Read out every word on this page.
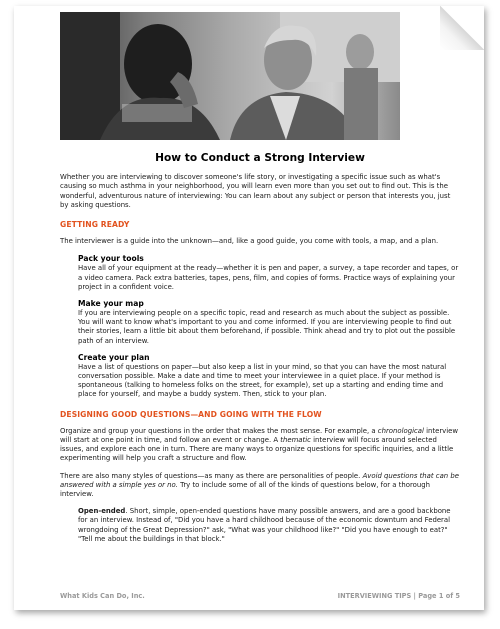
How to Conduct a Strong Interview

Whether you are interviewing to discover someone's life story, or investigating a specific issue such as what's causing so much asthma in your neighborhood, you will learn even more than you set out to find out. This is the wonderful, adventurous nature of interviewing: You can learn about any subject or person that interests you, just by asking questions.

GETTING READY

The interviewer is a guide into the unknown—and, like a good guide, you come with tools, a map, and a plan.

Pack your tools

Have all of your equipment at the ready—whether it is pen and paper, a survey, a tape recorder and tapes, or a video camera. Pack extra batteries, tapes, pens, film, and copies of forms. Practice ways of explaining your project in a confident voice.

Make your map

If you are interviewing people on a specific topic, read and research as much about the subject as possible. You will want to know what's important to you and come informed. If you are interviewing people to find out their stories, learn a little bit about them beforehand, if possible. Think ahead and try to plot out the possible path of an interview.

Create your plan

Have a list of questions on paper—but also keep a list in your mind, so that you can have the most natural conversation possible. Make a date and time to meet your interviewee in a quiet place. If your method is spontaneous (talking to homeless folks on the street, for example), set up a starting and ending time and place for yourself, and maybe a buddy system. Then, stick to your plan.

DESIGNING GOOD QUESTIONS—AND GOING WITH THE FLOW

Organize and group your questions in the order that makes the most sense. For example, a chronological interview will start at one point in time, and follow an event or change. A thematic interview will focus around selected issues, and explore each one in turn. There are many ways to organize questions for specific inquiries, and a little experimenting will help you craft a structure and flow.

There are also many styles of questions—as many as there are personalities of people. Avoid questions that can be answered with a simple yes or no. Try to include some of all of the kinds of questions below, for a thorough interview.

Open-ended. Short, simple, open-ended questions have many possible answers, and are a good backbone for an interview. Instead of, "Did you have a hard childhood because of the economic downturn and Federal wrongdoing of the Great Depression?" ask, "What was your childhood like?" "Did you have enough to eat?" "Tell me about the buildings in that block."

What Kids Can Do, Inc.	INTERVIEWING TIPS | Page 1 of 5
